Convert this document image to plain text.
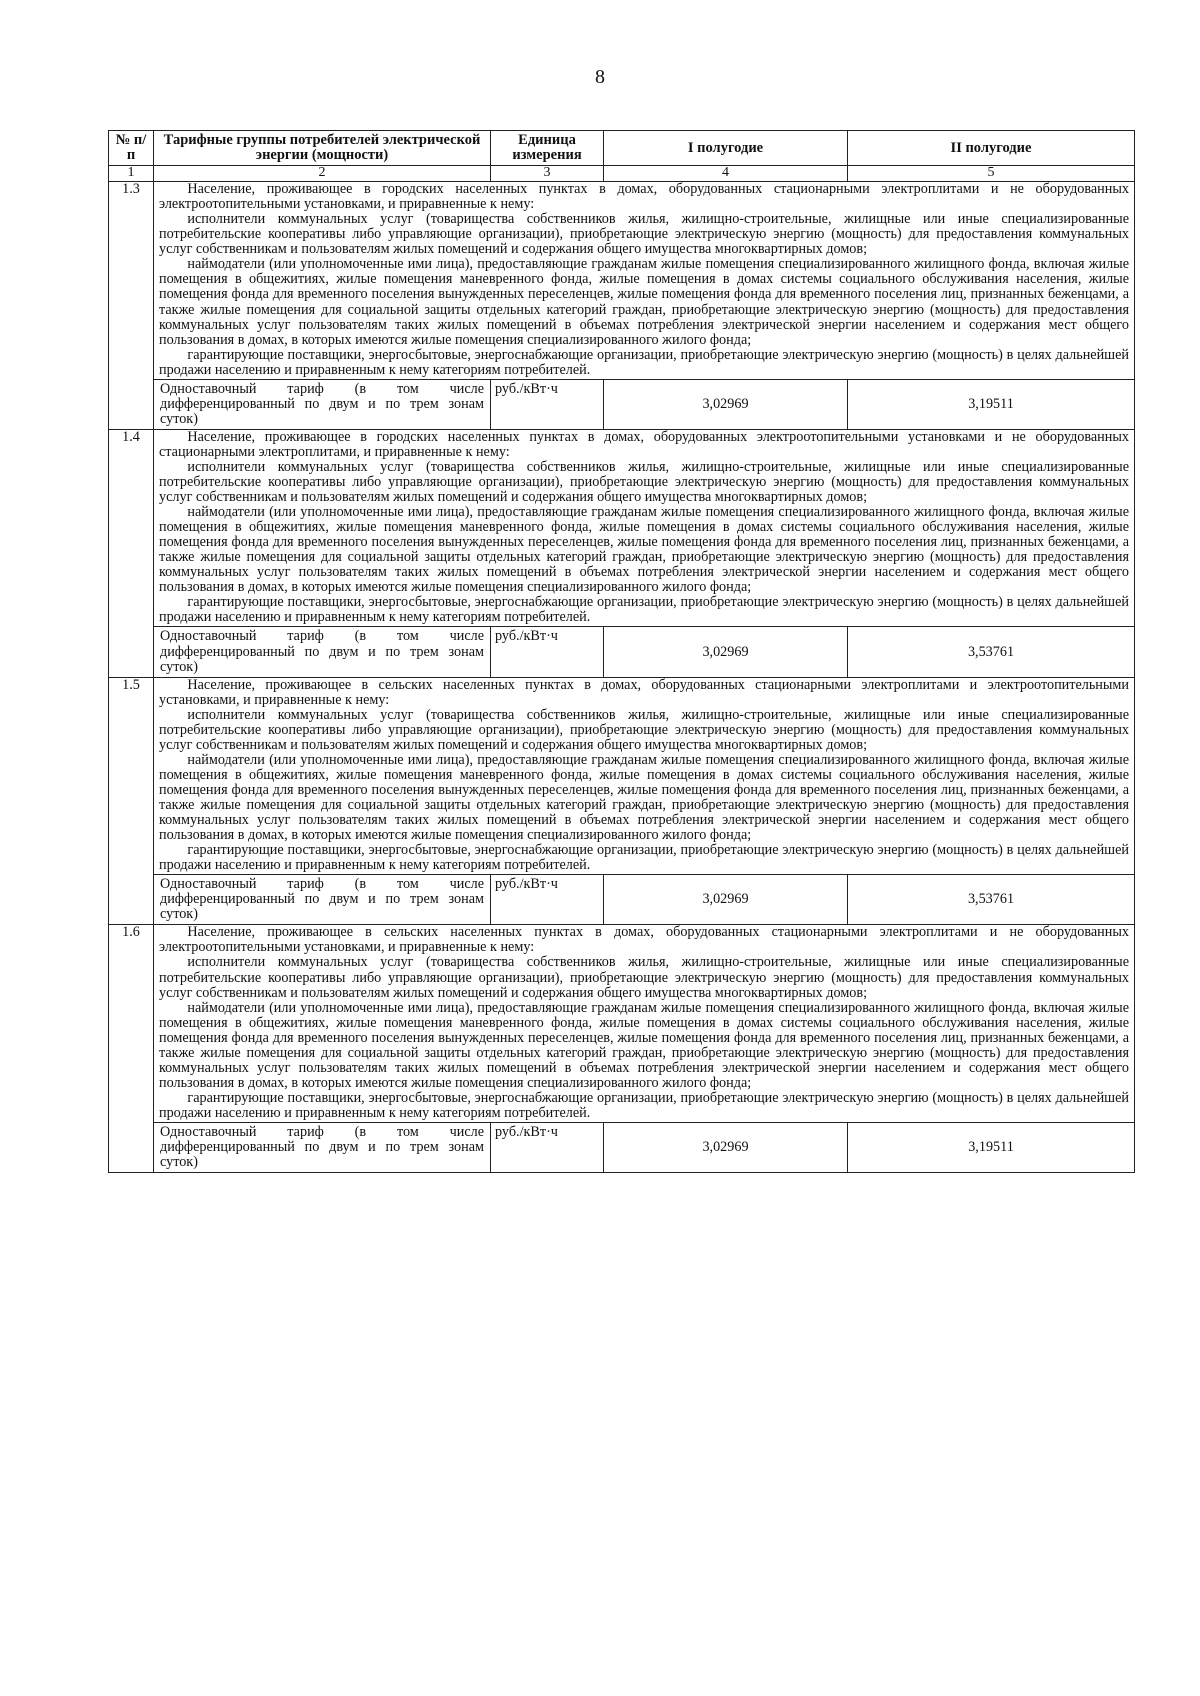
8
№ п/п	Тарифные группы потребителей электрической энергии (мощности)	Единица измерения	I полугодие	II полугодие
1	2	3	4	5
1.3	Население, проживающее в городских населенных пунктах в домах, оборудованных стационарными электроплитами и не оборудованных электроотопительными установками, и приравненные к нему:

исполнители коммунальных услуг (товарищества собственников жилья, жилищно-строительные, жилищные или иные специализированные потребительские кооперативы либо управляющие организации), приобретающие электрическую энергию (мощность) для предоставления коммунальных услуг собственникам и пользователям жилых помещений и содержания общего имущества многоквартирных домов;

наймодатели (или уполномоченные ими лица), предоставляющие гражданам жилые помещения специализированного жилищного фонда, включая жилые помещения в общежитиях, жилые помещения маневренного фонда, жилые помещения в домах системы социального обслуживания населения, жилые помещения фонда для временного поселения вынужденных переселенцев, жилые помещения фонда для временного поселения лиц, признанных беженцами, а также жилые помещения для социальной защиты отдельных категорий граждан, приобретающие электрическую энергию (мощность) для предоставления коммунальных услуг пользователям таких жилых помещений в объемах потребления электрической энергии населением и содержания мест общего пользования в домах, в которых имеются жилые помещения специализированного жилого фонда;

гарантирующие поставщики, энергосбытовые, энергоснабжающие организации, приобретающие электрическую энергию (мощность) в целях дальнейшей продажи населению и приравненным к нему категориям потребителей.			

	Одноставочный тариф (в том числе дифференцированный по двум и по трем зонам суток)	руб./кВт·ч	3,02969	3,19511
1.4	Население, проживающее в городских населенных пунктах в домах, оборудованных электроотопительными установками и не оборудованных стационарными электроплитами, и приравненные к нему:

исполнители коммунальных услуг (товарищества собственников жилья, жилищно-строительные, жилищные или иные специализированные потребительские кооперативы либо управляющие организации), приобретающие электрическую энергию (мощность) для предоставления коммунальных услуг собственникам и пользователям жилых помещений и содержания общего имущества многоквартирных домов;

наймодатели (или уполномоченные ими лица), предоставляющие гражданам жилые помещения специализированного жилищного фонда, включая жилые помещения в общежитиях, жилые помещения маневренного фонда, жилые помещения в домах системы социального обслуживания населения, жилые помещения фонда для временного поселения вынужденных переселенцев, жилые помещения фонда для временного поселения лиц, признанных беженцами, а также жилые помещения для социальной защиты отдельных категорий граждан, приобретающие электрическую энергию (мощность) для предоставления коммунальных услуг пользователям таких жилых помещений в объемах потребления электрической энергии населением и содержания мест общего пользования в домах, в которых имеются жилые помещения специализированного жилого фонда;

гарантирующие поставщики, энергосбытовые, энергоснабжающие организации, приобретающие электрическую энергию (мощность) в целях дальнейшей продажи населению и приравненным к нему категориям потребителей.			

	Одноставочный тариф (в том числе дифференцированный по двум и по трем зонам суток)	руб./кВт·ч	3,02969	3,53761
1.5	Население, проживающее в сельских населенных пунктах в домах, оборудованных стационарными электроплитами и электроотопительными установками, и приравненные к нему:

исполнители коммунальных услуг (товарищества собственников жилья, жилищно-строительные, жилищные или иные специализированные потребительские кооперативы либо управляющие организации), приобретающие электрическую энергию (мощность) для предоставления коммунальных услуг собственникам и пользователям жилых помещений и содержания общего имущества многоквартирных домов;

наймодатели (или уполномоченные ими лица), предоставляющие гражданам жилые помещения специализированного жилищного фонда, включая жилые помещения в общежитиях, жилые помещения маневренного фонда, жилые помещения в домах системы социального обслуживания населения, жилые помещения фонда для временного поселения вынужденных переселенцев, жилые помещения фонда для временного поселения лиц, признанных беженцами, а также жилые помещения для социальной защиты отдельных категорий граждан, приобретающие электрическую энергию (мощность) для предоставления коммунальных услуг пользователям таких жилых помещений в объемах потребления электрической энергии населением и содержания мест общего пользования в домах, в которых имеются жилые помещения специализированного жилого фонда;

гарантирующие поставщики, энергосбытовые, энергоснабжающие организации, приобретающие электрическую энергию (мощность) в целях дальнейшей продажи населению и приравненным к нему категориям потребителей.			

	Одноставочный тариф (в том числе дифференцированный по двум и по трем зонам суток)	руб./кВт·ч	3,02969	3,53761
1.6	Население, проживающее в сельских населенных пунктах в домах, оборудованных стационарными электроплитами и не оборудованных электроотопительными установками, и приравненные к нему:

исполнители коммунальных услуг (товарищества собственников жилья, жилищно-строительные, жилищные или иные специализированные потребительские кооперативы либо управляющие организации), приобретающие электрическую энергию (мощность) для предоставления коммунальных услуг собственникам и пользователям жилых помещений и содержания общего имущества многоквартирных домов;

наймодатели (или уполномоченные ими лица), предоставляющие гражданам жилые помещения специализированного жилищного фонда, включая жилые помещения в общежитиях, жилые помещения маневренного фонда, жилые помещения в домах системы социального обслуживания населения, жилые помещения фонда для временного поселения вынужденных переселенцев, жилые помещения фонда для временного поселения лиц, признанных беженцами, а также жилые помещения для социальной защиты отдельных категорий граждан, приобретающие электрическую энергию (мощность) для предоставления коммунальных услуг пользователям таких жилых помещений в объемах потребления электрической энергии населением и содержания мест общего пользования в домах, в которых имеются жилые помещения специализированного жилого фонда;

гарантирующие поставщики, энергосбытовые, энергоснабжающие организации, приобретающие электрическую энергию (мощность) в целях дальнейшей продажи населению и приравненным к нему категориям потребителей.			

	Одноставочный тариф (в том числе дифференцированный по двум и по трем зонам суток)	руб./кВт·ч	3,02969	3,19511
